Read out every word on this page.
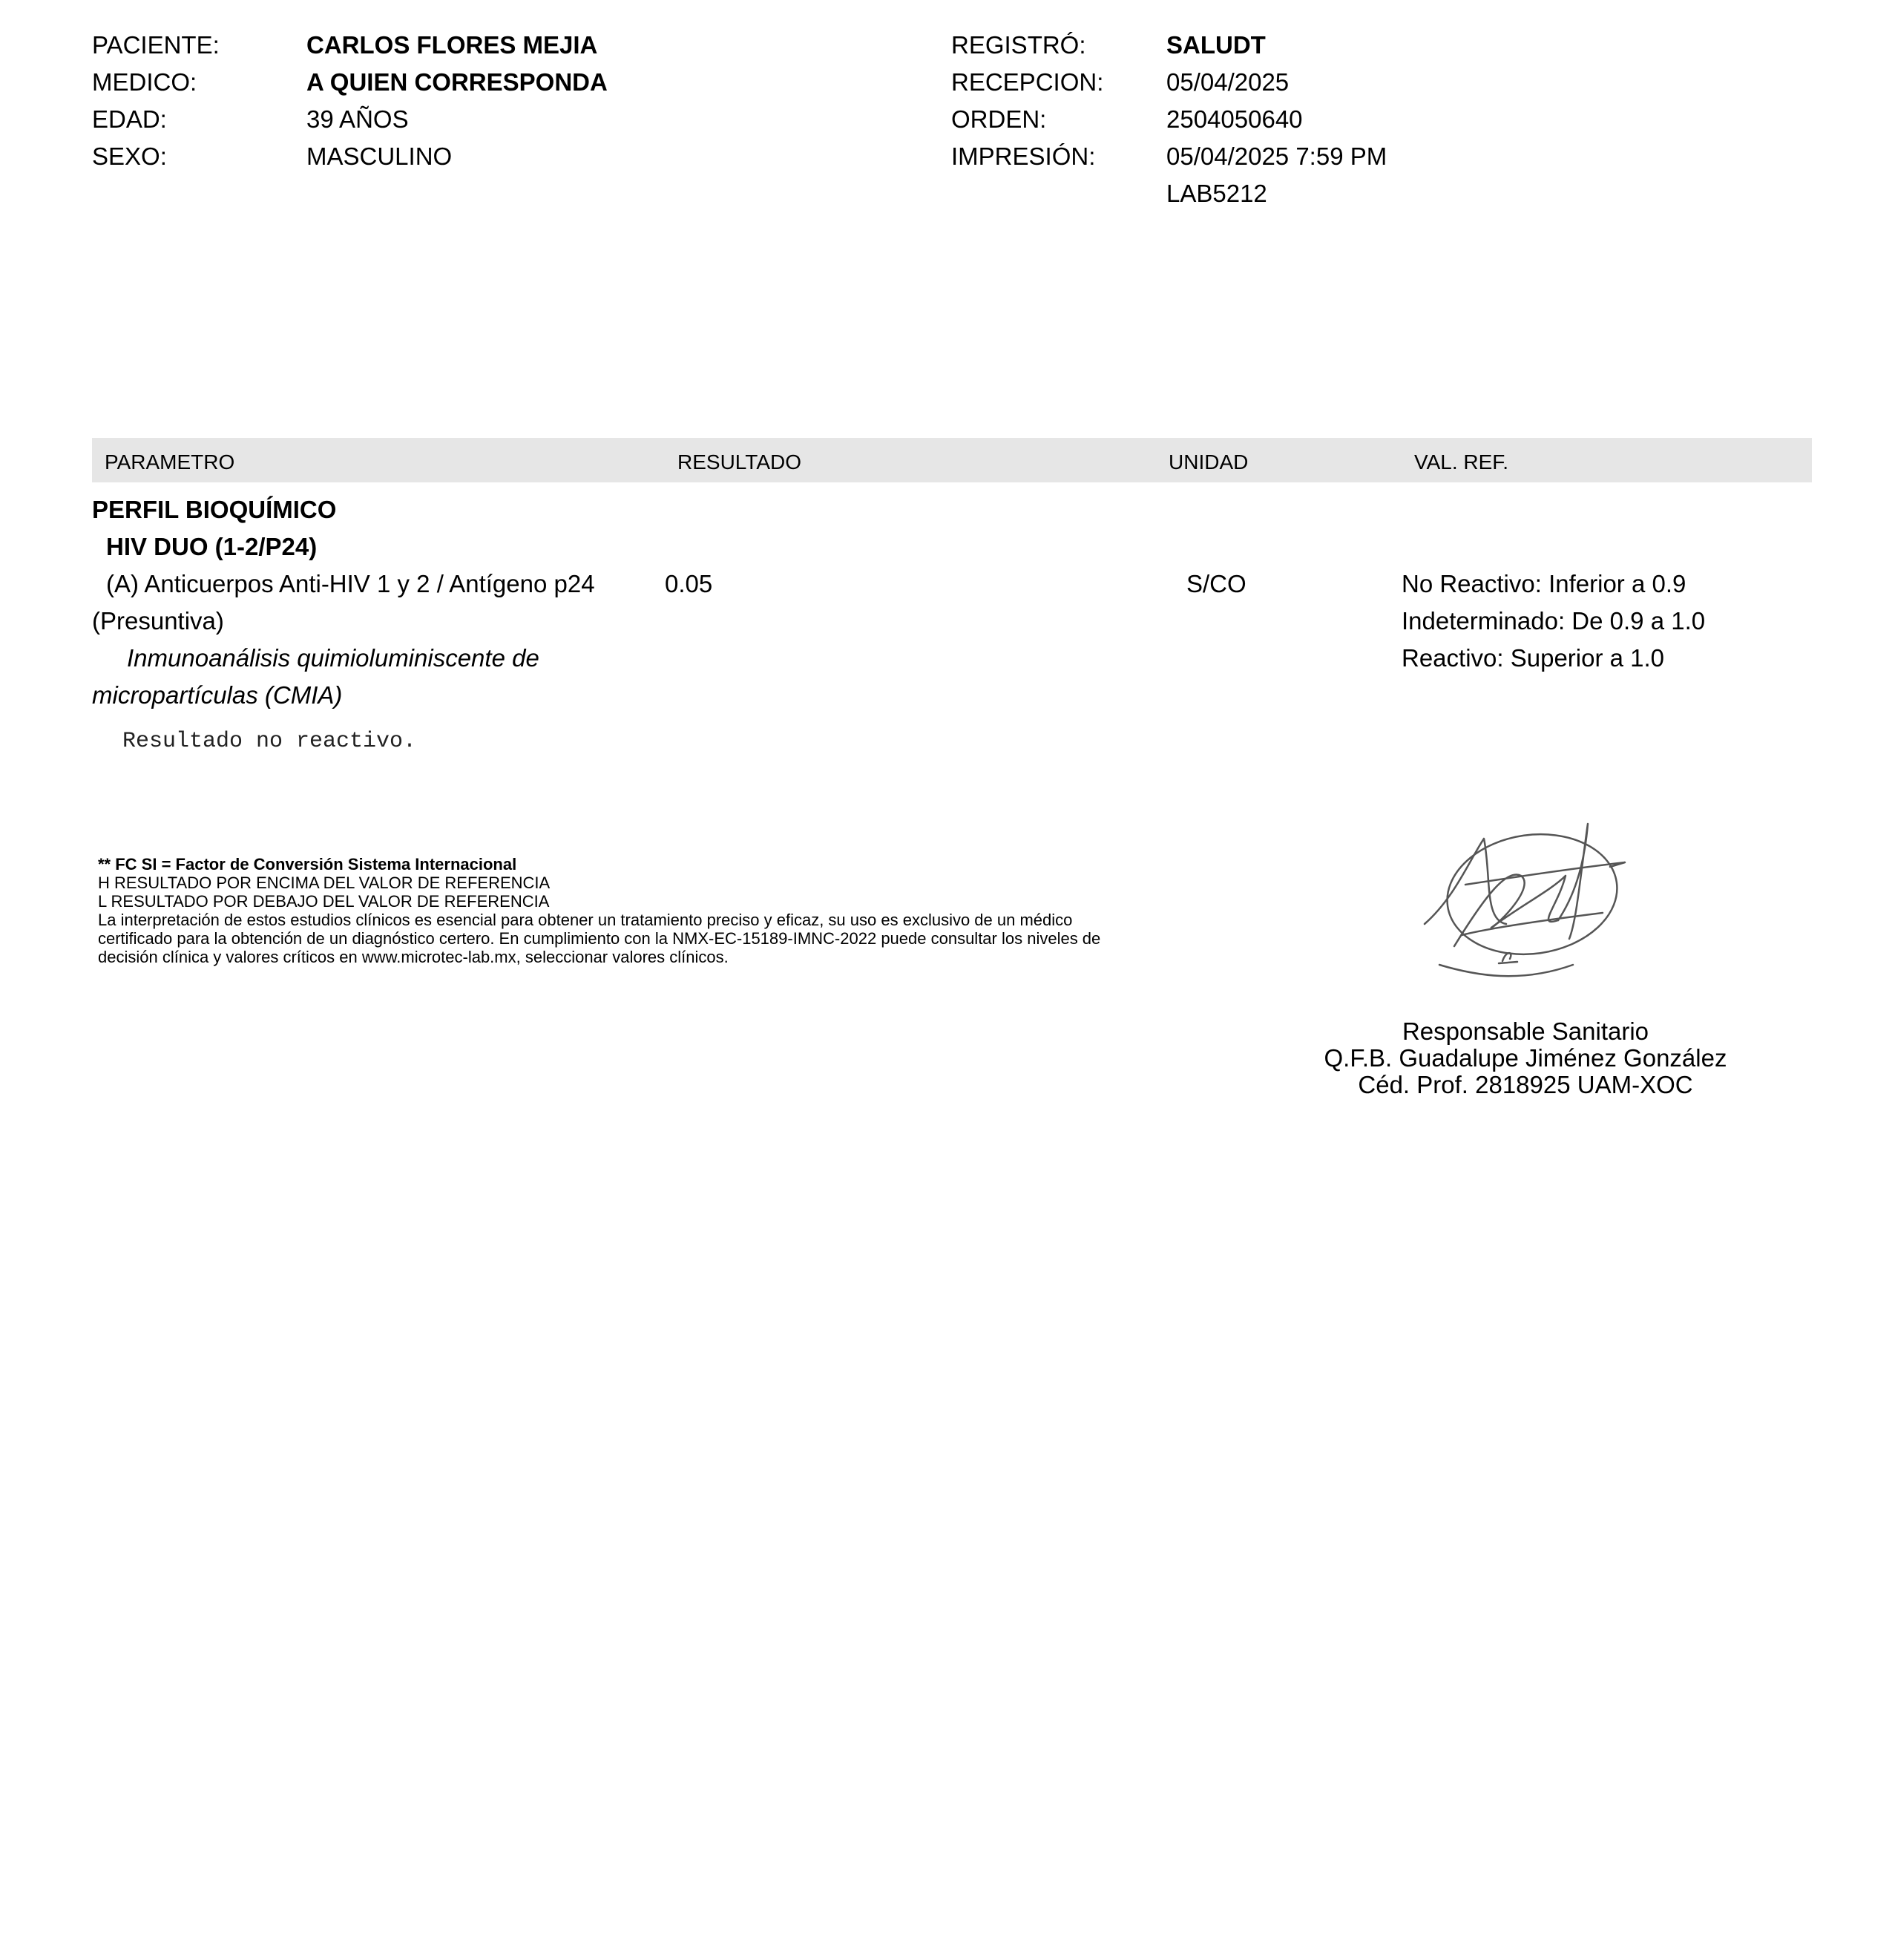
PACIENTE:	CARLOS FLORES MEJIA
MEDICO:	A QUIEN CORRESPONDA
EDAD:	39 AÑOS
SEXO:	MASCULINO
REGISTRÓ:	SALUDT
RECEPCION:	05/04/2025
ORDEN:	2504050640
IMPRESIÓN:	05/04/2025 7:59 PM
LAB5212
PARAMETRO	RESULTADO	UNIDAD	VAL. REF.
PERFIL BIOQUÍMICO
HIV DUO (1-2/P24)
(A) Anticuerpos Anti-HIV 1 y 2 / Antígeno p24
(Presuntiva)
Inmunoanálisis quimioluminiscente de
micropartículas (CMIA)
0.05	S/CO	No Reactivo: Inferior a 0.9
Indeterminado: De 0.9 a 1.0
Reactivo: Superior a 1.0
Resultado no reactivo.
** FC SI = Factor de Conversión Sistema Internacional
H RESULTADO POR ENCIMA DEL VALOR DE REFERENCIA
L RESULTADO POR DEBAJO DEL VALOR DE REFERENCIA
La interpretación de estos estudios clínicos es esencial para obtener un tratamiento preciso y eficaz, su uso es exclusivo de un médico
certificado para la obtención de un diagnóstico certero. En cumplimiento con la NMX-EC-15189-IMNC-2022 puede consultar los niveles de
decisión clínica y valores críticos en www.microtec-lab.mx, seleccionar valores clínicos.
Responsable Sanitario
Q.F.B. Guadalupe Jiménez González
Céd. Prof. 2818925 UAM-XOC
